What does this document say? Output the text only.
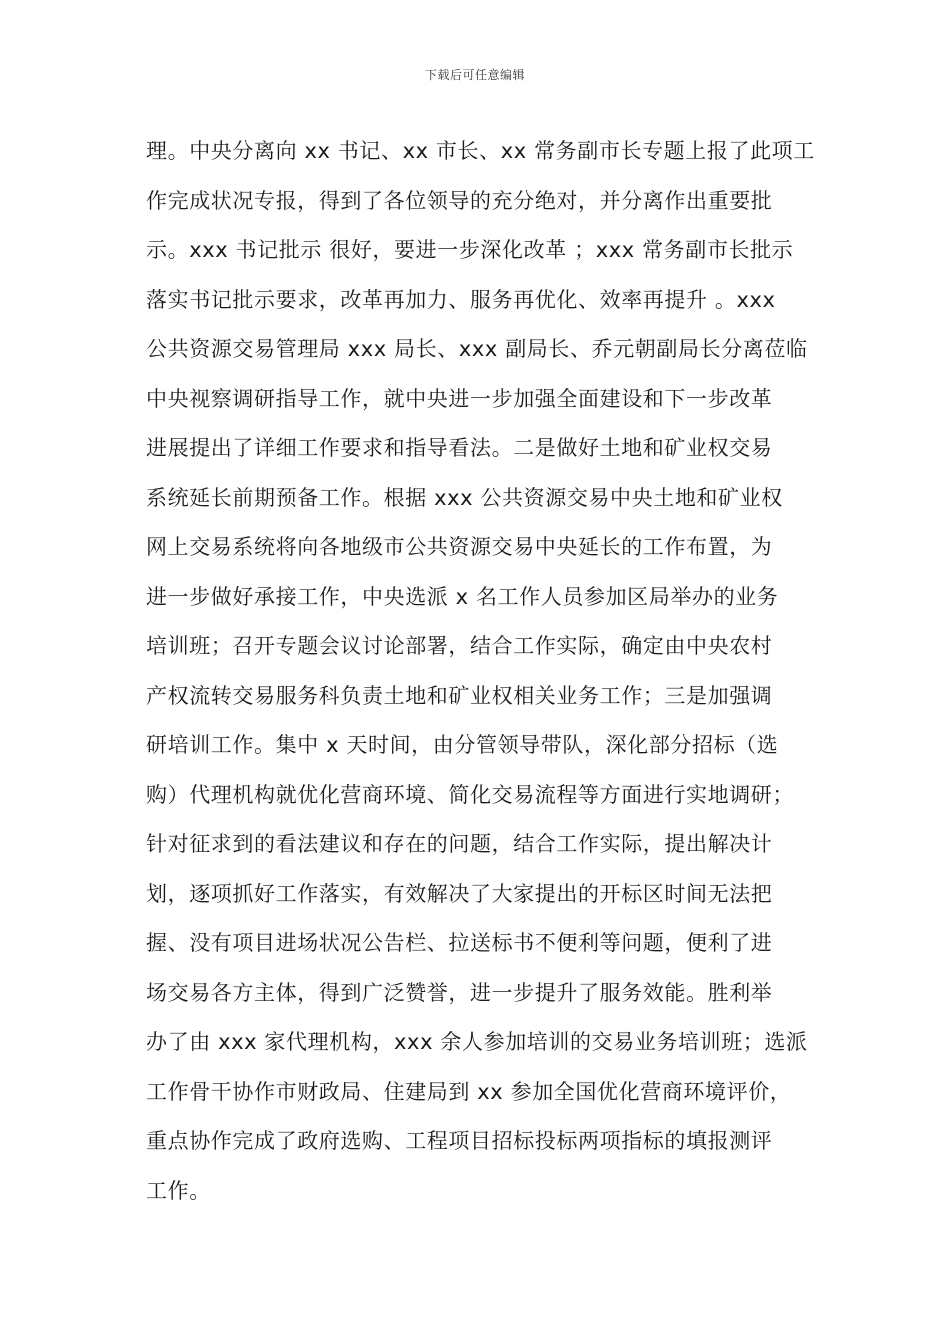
下载后可任意编辑
理。中央分离向 xx 书记、xx 市长、xx 常务副市长专题上报了此项工
作完成状况专报，得到了各位领导的充分绝对，并分离作出重要批
示。xxx 书记批示 很好，要进一步深化改革 ；xxx 常务副市长批示
落实书记批示要求，改革再加力、服务再优化、效率再提升 。xxx
公共资源交易管理局 xxx 局长、xxx 副局长、乔元朝副局长分离莅临
中央视察调研指导工作，就中央进一步加强全面建设和下一步改革
进展提出了详细工作要求和指导看法。二是做好土地和矿业权交易
系统延长前期预备工作。根据 xxx 公共资源交易中央土地和矿业权
网上交易系统将向各地级市公共资源交易中央延长的工作布置，为
进一步做好承接工作，中央选派 x 名工作人员参加区局举办的业务
培训班；召开专题会议讨论部署，结合工作实际，确定由中央农村
产权流转交易服务科负责土地和矿业权相关业务工作；三是加强调
研培训工作。集中 x 天时间，由分管领导带队，深化部分招标（选
购）代理机构就优化营商环境、简化交易流程等方面进行实地调研；
针对征求到的看法建议和存在的问题，结合工作实际，提出解决计
划，逐项抓好工作落实，有效解决了大家提出的开标区时间无法把
握、没有项目进场状况公告栏、拉送标书不便利等问题，便利了进
场交易各方主体，得到广泛赞誉，进一步提升了服务效能。胜利举
办了由 xxx 家代理机构，xxx 余人参加培训的交易业务培训班；选派
工作骨干协作市财政局、住建局到 xx 参加全国优化营商环境评价，
重点协作完成了政府选购、工程项目招标投标两项指标的填报测评
工作。
